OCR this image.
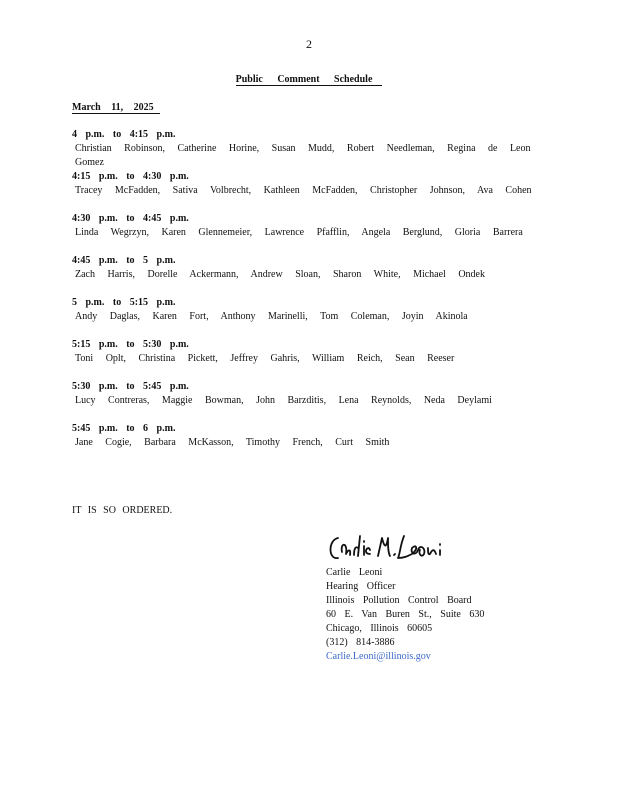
2
Public Comment Schedule
March 11, 2025
4 p.m. to 4:15 p.m.
Christian Robinson, Catherine Horine, Susan Mudd, Robert Needleman, Regina de Leon Gomez
4:15 p.m. to 4:30 p.m.
Tracey McFadden, Sativa Volbrecht, Kathleen McFadden, Christopher Johnson, Ava Cohen
4:30 p.m. to 4:45 p.m.
Linda Wegrzyn, Karen Glennemeier, Lawrence Pfafflin, Angela Berglund, Gloria Barrera
4:45 p.m. to 5 p.m.
Zach Harris, Dorelle Ackermann, Andrew Sloan, Sharon White, Michael Ondek
5 p.m. to 5:15 p.m.
Andy Daglas, Karen Fort, Anthony Marinelli, Tom Coleman, Joyin Akinola
5:15 p.m. to 5:30 p.m.
Toni Oplt, Christina Pickett, Jeffrey Gahris, William Reich, Sean Reeser
5:30 p.m. to 5:45 p.m.
Lucy Contreras, Maggie Bowman, John Barzditis, Lena Reynolds, Neda Deylami
5:45 p.m. to 6 p.m.
Jane Cogie, Barbara McKasson, Timothy French, Curt Smith
IT IS SO ORDERED.
Carlie Leoni
Hearing Officer
Illinois Pollution Control Board
60 E. Van Buren St., Suite 630
Chicago, Illinois 60605
(312) 814-3886
Carlie.Leoni@illinois.gov
